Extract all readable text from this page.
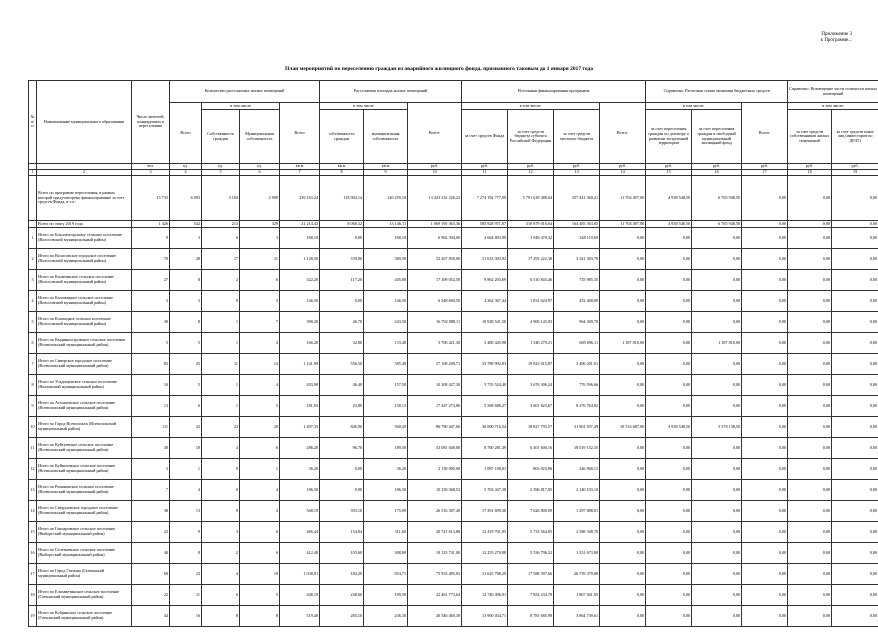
Приложение 3
к Программе...
План мероприятий по переселению граждан из аварийного жилищного фонда, признанного таковым до 1 января 2017 года
№ п/п	Наименование муниципального образования	Число жителей, планируемых к переселению	Количество расселяемых жилых помещений				Расселяемая площадь жилых помещений			Источники финансирования программы				Справочно: Расчетная сумма экономии бюджетных средств			Справочно: Возмещение части стоимости жилых помещений	
			Всего	в том числе		Всего	в том числе		Всего:	в том числе:			Всего:	в том числе:		Всего:	в том числе:	
				Собственность граждан	Муниципальная собственность		собственность граждан	муниципальная собственность		за счет средств Фонда	за счет средств бюджета субъекта Российской Федерации	за счет средств местного бюджета		за счет переселения граждан по договору о развитии застроенной территории	за счет переселения граждан в свободный муниципальный жилищный фонд		за счет средств собственников жилых помещений	за счет средств иных лиц (инвесторов по ДРЗТ)
		чел.	ед.	ед.	ед.	кв.м	кв.м	кв.м	руб.	руб.	руб.	руб.	руб.	руб.	руб.	руб.	руб.	руб.
1	2	3	4	5	6	7	8	9	10	11	12	13	14	15	16	17	18	19
	Всего по программе переселения, в рамках которой предусмотрено финансирование за счет средств Фонда, в т.ч.:	15 733	6 093	3 184	2 909	239 163,24	118 904,14	120 259,10	13 423 232 226,23	7 274 192 777,99	5 791 618 388,04	357 441 360,21	11 704 497,00	4 938 548,50	6 765 948,50	0,00	0,00	0,00
	Всего по этапу 2019 года	1 426	542	213	329	21 214,43	8 068,32	13 146,11	1 069 195 363,36	585 828 971,07	310 879 016,64	164 485 363,65	11 704 497,00	4 938 548,50	6 765 948,50	0,00	0,00	0,00
1	Итого по Бокситогорскому сельское поселение (Волосовский муниципальный район)	9	3	0	3	168,10	0,00	168,10	6 962 394,00	4 664 803,99	1 949 470,32	348 119,69	0,00	0,00	0,00	0,00	0,00	0,00
2	Итого по Волосовское городское поселение (Волосовский муниципальный район)	70	28	17	11	1 128,50	539,00	589,50	52 267 830,00	31 633 303,92	17 293 222,38	3 341 303,70	0,00	0,00	0,00	0,00	0,00	0,00
3	Итого по Калитинское сельское поселение (Волосовский муниципальный район)	27	8	2	6	322,20	117,20	205,00	17 109 052,50	9 862 203,69	6 510 843,46	735 985,35	0,00	0,00	0,00	0,00	0,00	0,00
4	Итого по Каложицкое сельское поселение (Волосовский муниципальный район)	3	3	0	3	146,50	0,00	146,50	6 548 660,50	4 262 367,44	1 831 624,97	452 468,09	0,00	0,00	0,00	0,00	0,00	0,00
5	Итого по Клопицкое сельское поселение (Волосовский муниципальный район)	30	8	1	7	390,20	46,70	343,50	16 792 988,11	10 928 541,50	4 900 145,83	964 300,78	0,00	0,00	0,00	0,00	0,00	0,00
6	Итого по Выдинностровское сельское поселение (Всеволожский муниципальный район)	5	5	1	4	166,20	32,80	133,40	5 706 421,30	3 480 445,98	1 540 279,21	685 696,11	1 187 810,00	0,00	1 187 810,00	0,00	0,00	0,00
7	Итого по Сиверское городское поселение (Всеволожский муниципальный район)	83	25	11	14	1 141,99	556,50	585,49	57 108 209,71	33 789 992,83	19 823 015,87	3 496 201,01	0,00	0,00	0,00	0,00	0,00	0,00
8	Итого по Усадищенское сельское поселение (Волховский муниципальный район)	10	5	1	4	203,90	46,40	157,50	10 208 427,30	5 755 524,40	3 676 306,24	776 596,66	0,00	0,00	0,00	0,00	0,00	0,00
9	Итого по Агалатовское сельское поселение (Всеволожский муниципальный район)	13	6	1	5	181,93	23,80	158,13	17 447 274,86	5 568 686,27	3 601 823,67	8 276 764,92	0,00	0,00	0,00	0,00	0,00	0,00
10	Итого по Город Всеволожск (Всеволожский муниципальный район)	111	43	23	20	1 407,35	846,90	560,45	86 790 447,60	36 000 716,54	18 827 793,57	31 961 937,49	10 516 687,00	4 938 548,50	5 578 138,50	0,00	0,00	0,00
11	Итого по Куйтуевское сельское поселение (Всеволожский муниципальный район)	30	10	4	6	286,20	96,70	189,50	33 081 040,00	8 760 281,49	6 301 606,16	18 019 152,35	0,00	0,00	0,00	0,00	0,00	0,00
12	Итого по Куйвозовское сельское поселение (Всеволожский муниципальный район)	3	1	0	1	36,20	0,00	36,20	2 138 000,00	1 087 108,01	803 923,86	246 968,13	0,00	0,00	0,00	0,00	0,00	0,00
13	Итого по Романовское сельское поселение (Всеволожский муниципальный район)	7	4	0	4	186,30	0,00	186,30	10 239 368,53	5 702 447,38	2 396 817,85	2 140 103,10	0,00	0,00	0,00	0,00	0,00	0,00
14	Итого по Свердловское городское поселение (Всеволожский муниципальный район)	38	13	9	4	568,19	393,10	175,09	26 316 387,40	17 391 699,30	7 626 800,09	1 297 888,01	0,00	0,00	0,00	0,00	0,00	0,00
15	Итого по Гончаровское сельское поселение (Выборгский муниципальный район)	23	9	3	6	466,44	154,84	311,60	20 741 613,80	12 419 701,05	5 733 564,05	2 588 348,70	0,00	0,00	0,00	0,00	0,00	0,00
16	Итого по Селезневское сельское поселение (Выборгский муниципальный район)	40	8	2	6	412,40	103,60	308,80	19 123 741,00	12 255 270,88	5 536 796,32	1 331 673,80	0,00	0,00	0,00	0,00	0,00	0,00
17	Итого по Город Гатчина (Гатчинский муниципальный район)	69	23	4	19	1 038,91	184,20	854,71	75 933 485,83	31 625 708,29	17 588 397,66	26 739 379,88	0,00	0,00	0,00	0,00	0,00	0,00
18	Итого по Елизаветинское сельское поселение (Гатчинский муниципальный район)	22	11	6	5	448,10	248,60	199,50	22 461 773,64	12 740 496,91	7 854 234,78	1 867 041,95	0,00	0,00	0,00	0,00	0,00	0,00
19	Итого по Кобринское сельское поселение (Гатчинский муниципальный район)	44	16	8	8	519,40	283,10	236,30	26 546 460,30	13 900 034,71	8 781 685,98	3 864 739,61	0,00	0,00	0,00	0,00	0,00	0,00
